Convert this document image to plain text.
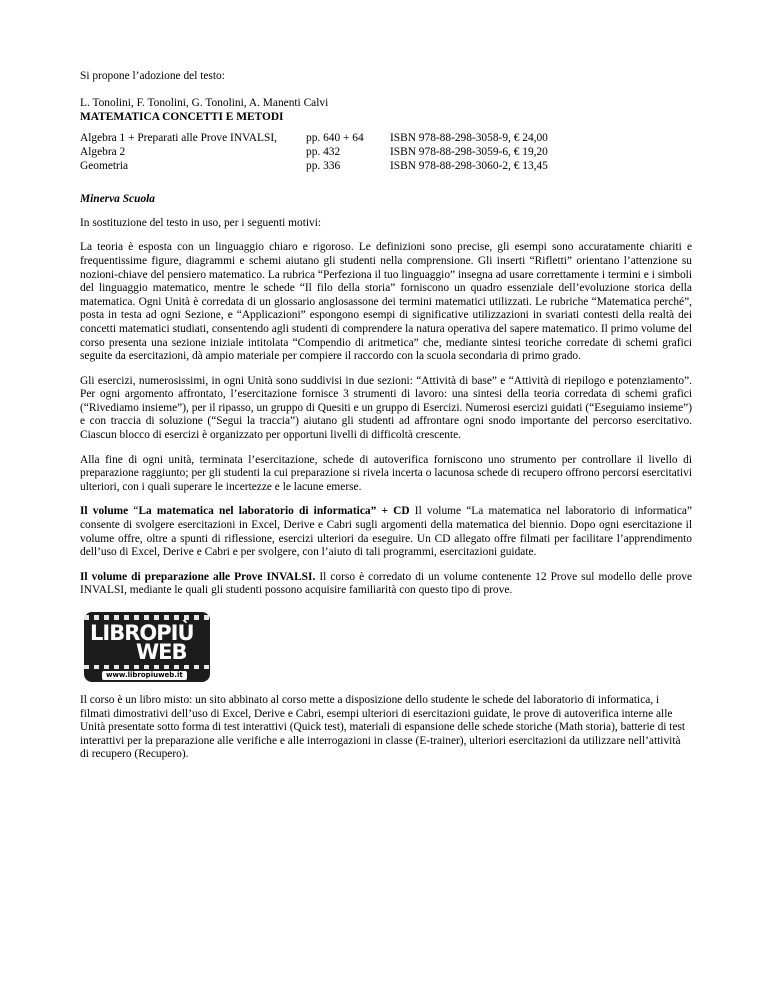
Si propone l’adozione del testo:

L. Tonolini, F. Tonolini, G. Tonolini, A. Manenti Calvi

MATEMATICA CONCETTI E METODI

Algebra 1 + Preparati alle Prove INVALSI,	pp. 640 + 64	ISBN 978-88-298-3058-9, € 24,00
Algebra 2	pp. 432	ISBN 978-88-298-3059-6, € 19,20
Geometria	pp. 336	ISBN 978-88-298-3060-2, € 13,45

Minerva Scuola

In sostituzione del testo in uso, per i seguenti motivi:

La teoria è esposta con un linguaggio chiaro e rigoroso. Le definizioni sono precise, gli esempi sono accuratamente chiariti e frequentissime figure, diagrammi e schemi aiutano gli studenti nella comprensione. Gli inserti “Rifletti” orientano l’attenzione su nozioni-chiave del pensiero matematico. La rubrica “Perfeziona il tuo linguaggio” insegna ad usare correttamente i termini e i simboli del linguaggio matematico, mentre le schede “Il filo della storia” forniscono un quadro essenziale dell’evoluzione storica della matematica. Ogni Unità è corredata di un glossario anglosassone dei termini matematici utilizzati. Le rubriche “Matematica perché”, posta in testa ad ogni Sezione, e “Applicazioni” espongono esempi di significative utilizzazioni in svariati contesti della realtà dei concetti matematici studiati, consentendo agli studenti di comprendere la natura operativa del sapere matematico. Il primo volume del corso presenta una sezione iniziale intitolata “Compendio di aritmetica” che, mediante sintesi teoriche corredate di schemi grafici seguite da esercitazioni, dà ampio materiale per compiere il raccordo con la scuola secondaria di primo grado.

Gli esercizi, numerosissimi, in ogni Unità sono suddivisi in due sezioni: “Attività di base” e “Attività di riepilogo e potenziamento”. Per ogni argomento affrontato, l’esercitazione fornisce 3 strumenti di lavoro: una sintesi della teoria corredata di schemi grafici (“Rivediamo insieme”), per il ripasso, un gruppo di Quesiti e un gruppo di Esercizi. Numerosi esercizi guidati (“Eseguiamo insieme”) e con traccia di soluzione (“Segui la traccia”) aiutano gli studenti ad affrontare ogni snodo importante del percorso esercitativo. Ciascun blocco di esercizi è organizzato per opportuni livelli di difficoltà crescente.

Alla fine di ogni unità, terminata l’esercitazione, schede di autoverifica forniscono uno strumento per controllare il livello di preparazione raggiunto; per gli studenti la cui preparazione si rivela incerta o lacunosa schede di recupero offrono percorsi esercitativi ulteriori, con i quali superare le incertezze e le lacune emerse.

Il volume “La matematica nel laboratorio di informatica” + CD Il volume “La matematica nel laboratorio di informatica” consente di svolgere esercitazioni in Excel, Derive e Cabri sugli argomenti della matematica del biennio. Dopo ogni esercitazione il volume offre, oltre a spunti di riflessione, esercizi ulteriori da eseguire. Un CD allegato offre filmati per facilitare l’apprendimento dell’uso di Excel, Derive e Cabri e per svolgere, con l’aiuto di tali programmi, esercitazioni guidate.

Il volume di preparazione alle Prove INVALSI. Il corso è corredato di un volume contenente 12 Prove sul modello delle prove INVALSI, mediante le quali gli studenti possono acquisire familiarità con questo tipo di prove.

LIBROPIÙ
WEB
www.libropiuweb.it

Il corso è un libro misto: un sito abbinato al corso mette a disposizione dello studente le schede del laboratorio di informatica, i filmati dimostrativi dell’uso di Excel, Derive e Cabri, esempi ulteriori di esercitazioni guidate, le prove di autoverifica interne alle Unità presentate sotto forma di test interattivi (Quick test), materiali di espansione delle schede storiche (Math storia), batterie di test interattivi per la preparazione alle verifiche e alle interrogazioni in classe (E-trainer), ulteriori esercitazioni da utilizzare nell’attività di recupero (Recupero).
